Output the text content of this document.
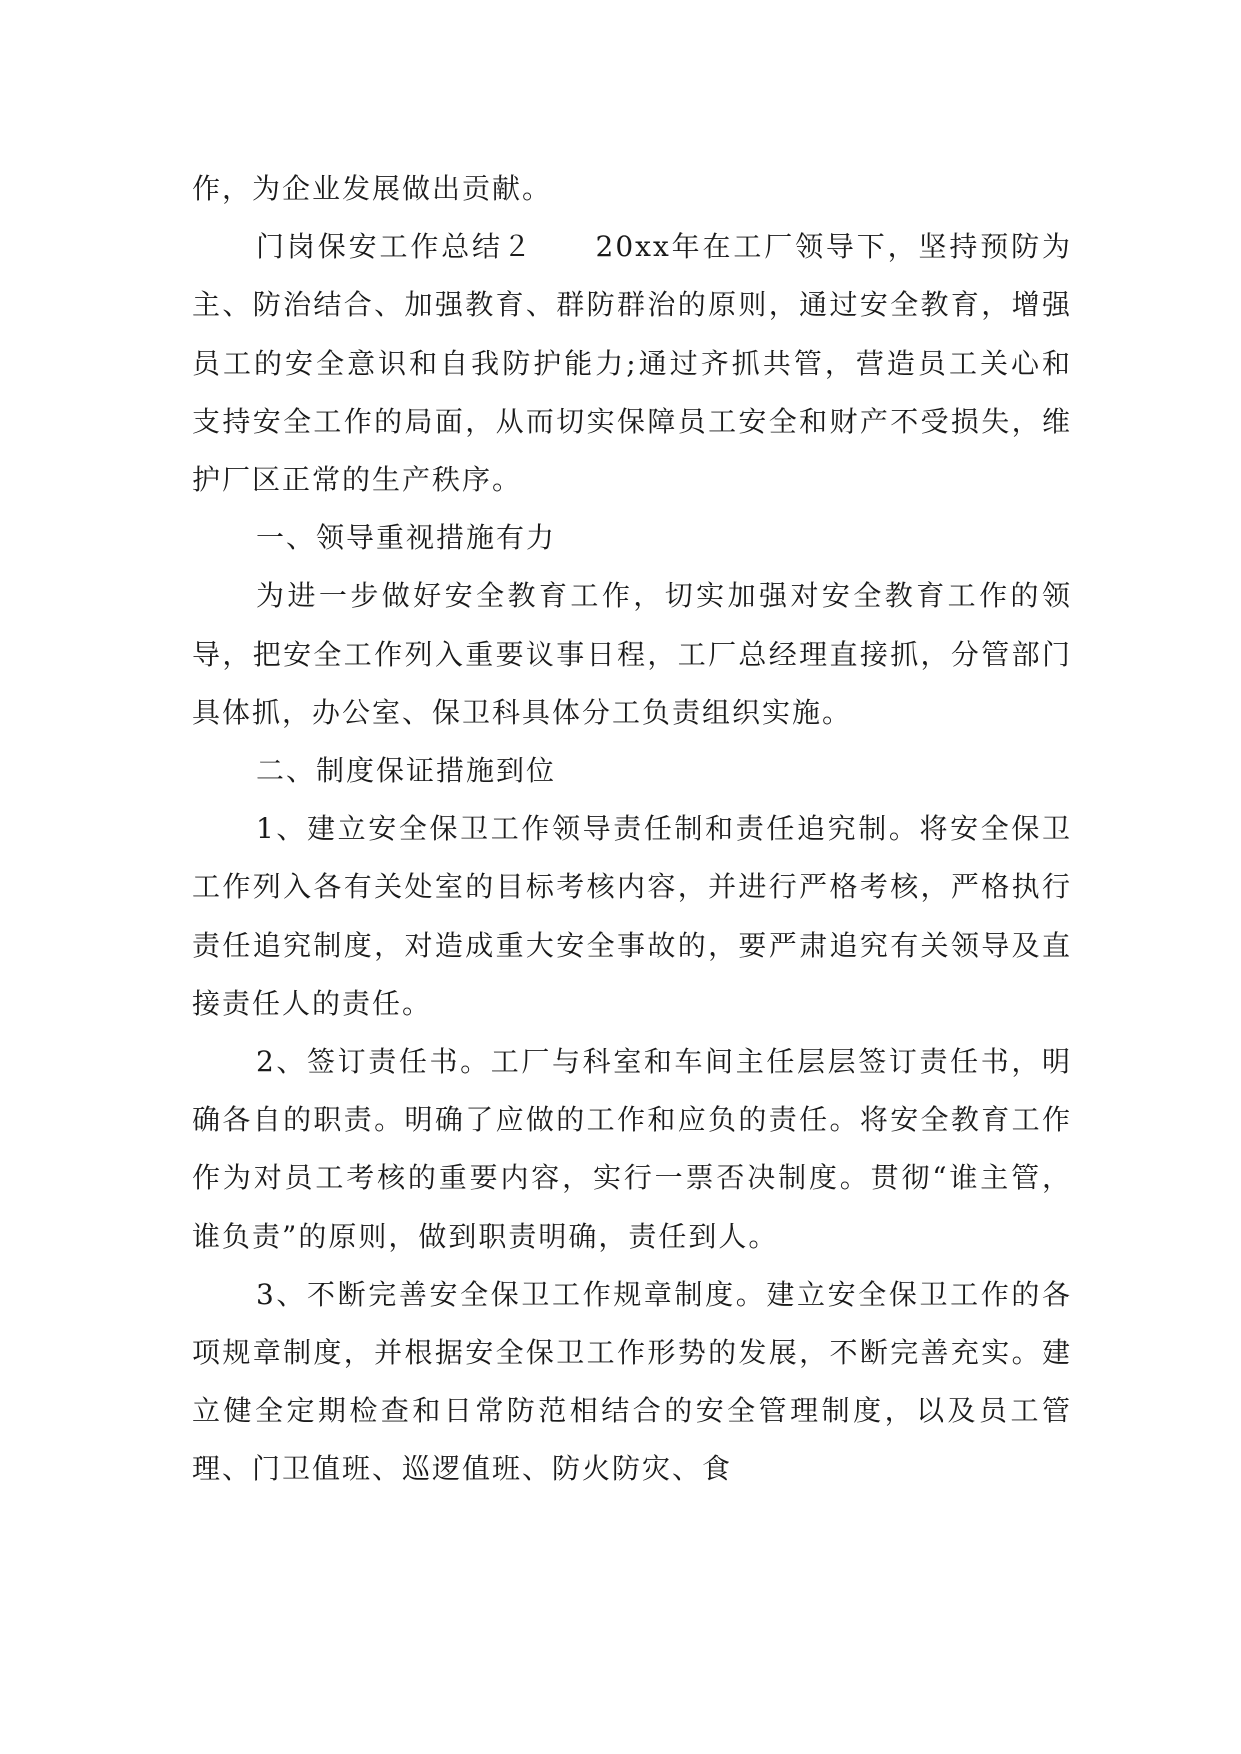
作，为企业发展做出贡献。

门岗保安工作总结２　　20xx年在工厂领导下，坚持预防为主、防治结合、加强教育、群防群治的原则，通过安全教育，增强员工的安全意识和自我防护能力;通过齐抓共管，营造员工关心和支持安全工作的局面，从而切实保障员工安全和财产不受损失，维护厂区正常的生产秩序。

一、领导重视措施有力

为进一步做好安全教育工作，切实加强对安全教育工作的领导，把安全工作列入重要议事日程，工厂总经理直接抓，分管部门具体抓，办公室、保卫科具体分工负责组织实施。

二、制度保证措施到位

1、建立安全保卫工作领导责任制和责任追究制。将安全保卫工作列入各有关处室的目标考核内容，并进行严格考核，严格执行责任追究制度，对造成重大安全事故的，要严肃追究有关领导及直接责任人的责任。

2、签订责任书。工厂与科室和车间主任层层签订责任书，明确各自的职责。明确了应做的工作和应负的责任。将安全教育工作作为对员工考核的重要内容，实行一票否决制度。贯彻“谁主管，谁负责”的原则，做到职责明确，责任到人。

3、不断完善安全保卫工作规章制度。建立安全保卫工作的各项规章制度，并根据安全保卫工作形势的发展，不断完善充实。建立健全定期检查和日常防范相结合的安全管理制度，以及员工管理、门卫值班、巡逻值班、防火防灾、食
